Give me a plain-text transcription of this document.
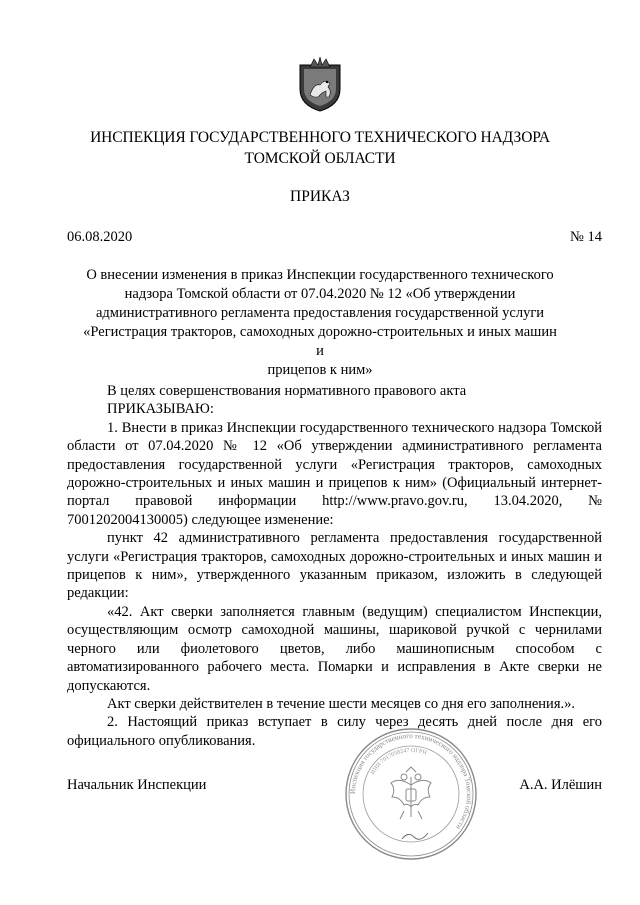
ИНСПЕКЦИЯ ГОСУДАРСТВЕННОГО ТЕХНИЧЕСКОГО НАДЗОРА
ТОМСКОЙ ОБЛАСТИ
ПРИКАЗ
06.08.2020	№ 14
О внесении изменения в приказ Инспекции государственного технического
надзора Томской области от 07.04.2020 № 12 «Об утверждении
административного регламента предоставления государственной услуги
«Регистрация тракторов, самоходных дорожно-строительных и иных машин и
прицепов к ним»

В целях совершенствования нормативного правового акта

ПРИКАЗЫВАЮ:

1. Внести в приказ Инспекции государственного технического надзора Томской области от 07.04.2020 № 12 «Об утверждении административного регламента предоставления государственной услуги «Регистрация тракторов, самоходных дорожно-строительных и иных машин и прицепов к ним» (Официальный интернет-портал правовой информации http://www.pravo.gov.ru, 13.04.2020, № 7001202004130005) следующее изменение:

пункт 42 административного регламента предоставления государственной услуги «Регистрация тракторов, самоходных дорожно-строительных и иных машин и прицепов к ним», утвержденного указанным приказом, изложить в следующей редакции:

«42. Акт сверки заполняется главным (ведущим) специалистом Инспекции, осуществляющим осмотр самоходной машины, шариковой ручкой с чернилами черного или фиолетового цветов, либо машинописным способом с автоматизированного рабочего места. Помарки и исправления в Акте сверки не допускаются.

Акт сверки действителен в течение шести месяцев со дня его заполнения.».

2. Настоящий приказ вступает в силу через десять дней после дня его официального опубликования.

Начальник Инспекции	А.А. Илёшин
Инспекция государственного технического надзора Томской области
ИНН 7017058247 ОГРН
